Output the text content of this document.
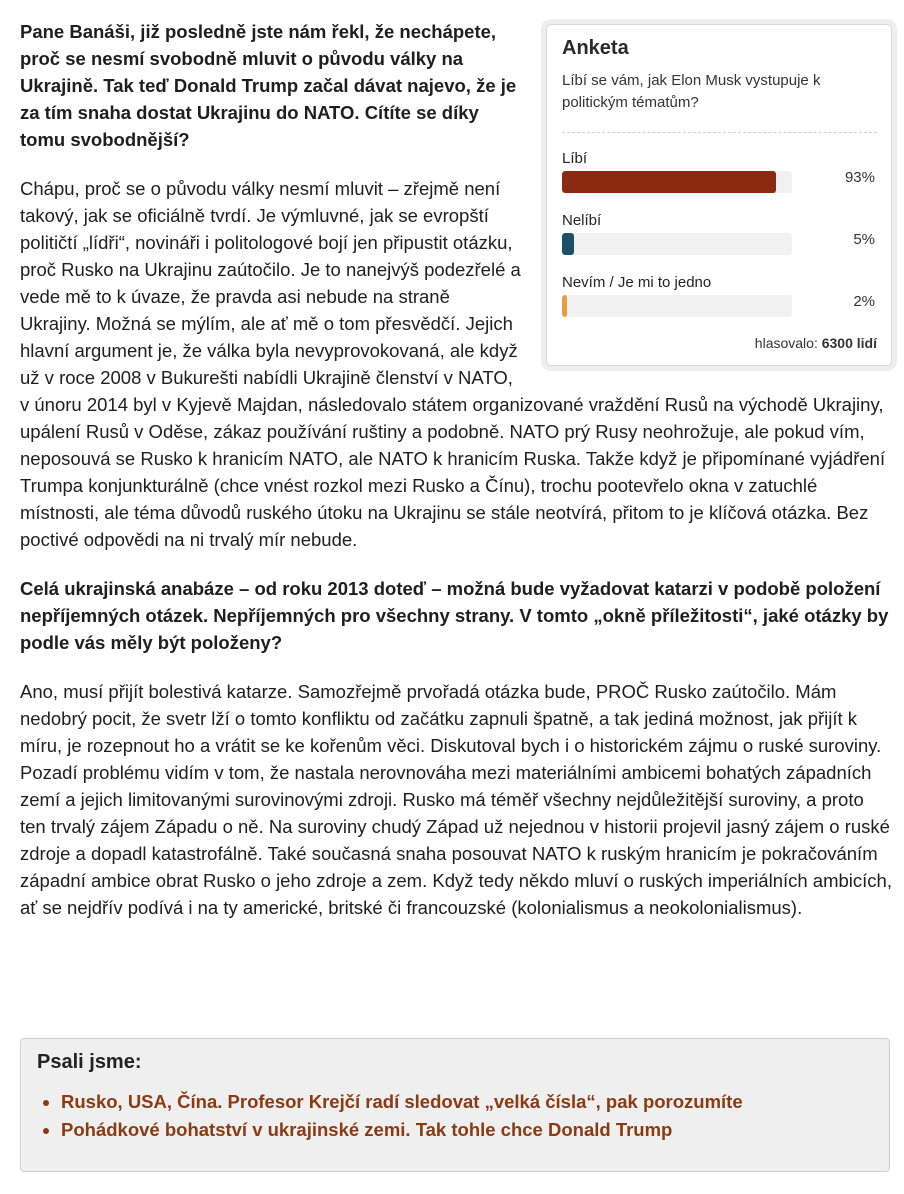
Anketa
Líbí se vám, jak Elon Musk vystupuje k politickým tématům?
Líbí
93%
Nelíbí
5%
Nevím / Je mi to jedno
2%
hlasovalo: 6300 lidí

Pane Banáši, již posledně jste nám řekl, že nechápete, proč se nesmí svobodně mluvit o původu války na Ukrajině. Tak teď Donald Trump začal dávat najevo, že je za tím snaha dostat Ukrajinu do NATO. Cítíte se díky tomu svobodnější?

Chápu, proč se o původu války nesmí mluvit – zřejmě není takový, jak se oficiálně tvrdí. Je výmluvné, jak se evropští političtí „lídři“, novináři i politologové bojí jen připustit otázku, proč Rusko na Ukrajinu zaútočilo. Je to nanejvýš podezřelé a vede mě to k úvaze, že pravda asi nebude na straně Ukrajiny. Možná se mýlím, ale ať mě o tom přesvědčí. Jejich hlavní argument je, že válka byla nevyprovokovaná, ale když už v roce 2008 v Bukurešti nabídli Ukrajině členství v NATO, v únoru 2014 byl v Kyjevě Majdan, následovalo státem organizované vraždění Rusů na východě Ukrajiny, upálení Rusů v Oděse, zákaz používání ruštiny a podobně. NATO prý Rusy neohrožuje, ale pokud vím, neposouvá se Rusko k hranicím NATO, ale NATO k hranicím Ruska. Takže když je připomínané vyjádření Trumpa konjunkturálně (chce vnést rozkol mezi Rusko a Čínu), trochu pootevřelo okna v zatuchlé místnosti, ale téma důvodů ruského útoku na Ukrajinu se stále neotvírá, přitom to je klíčová otázka. Bez poctivé odpovědi na ni trvalý mír nebude.

Celá ukrajinská anabáze – od roku 2013 doteď – možná bude vyžadovat katarzi v podobě položení nepříjemných otázek. Nepříjemných pro všechny strany. V tomto „okně příležitosti“, jaké otázky by podle vás měly být položeny?

Ano, musí přijít bolestivá katarze. Samozřejmě prvořadá otázka bude, PROČ Rusko zaútočilo. Mám nedobrý pocit, že svetr lží o tomto konfliktu od začátku zapnuli špatně, a tak jediná možnost, jak přijít k míru, je rozepnout ho a vrátit se ke kořenům věci. Diskutoval bych i o historickém zájmu o ruské suroviny. Pozadí problému vidím v tom, že nastala nerovnováha mezi materiálními ambicemi bohatých západních zemí a jejich limitovanými surovinovými zdroji. Rusko má téměř všechny nejdůležitější suroviny, a proto ten trvalý zájem Západu o ně. Na suroviny chudý Západ už nejednou v historii projevil jasný zájem o ruské zdroje a dopadl katastrofálně. Také současná snaha posouvat NATO k ruským hranicím je pokračováním západní ambice obrat Rusko o jeho zdroje a zem. Když tedy někdo mluví o ruských imperiálních ambicích, ať se nejdřív podívá i na ty americké, britské či francouzské (kolonialismus a neokolonialismus).

Psali jsme:
• Rusko, USA, Čína. Profesor Krejčí radí sledovat „velká čísla“, pak porozumíte
• Pohádkové bohatství v ukrajinské zemi. Tak tohle chce Donald Trump
